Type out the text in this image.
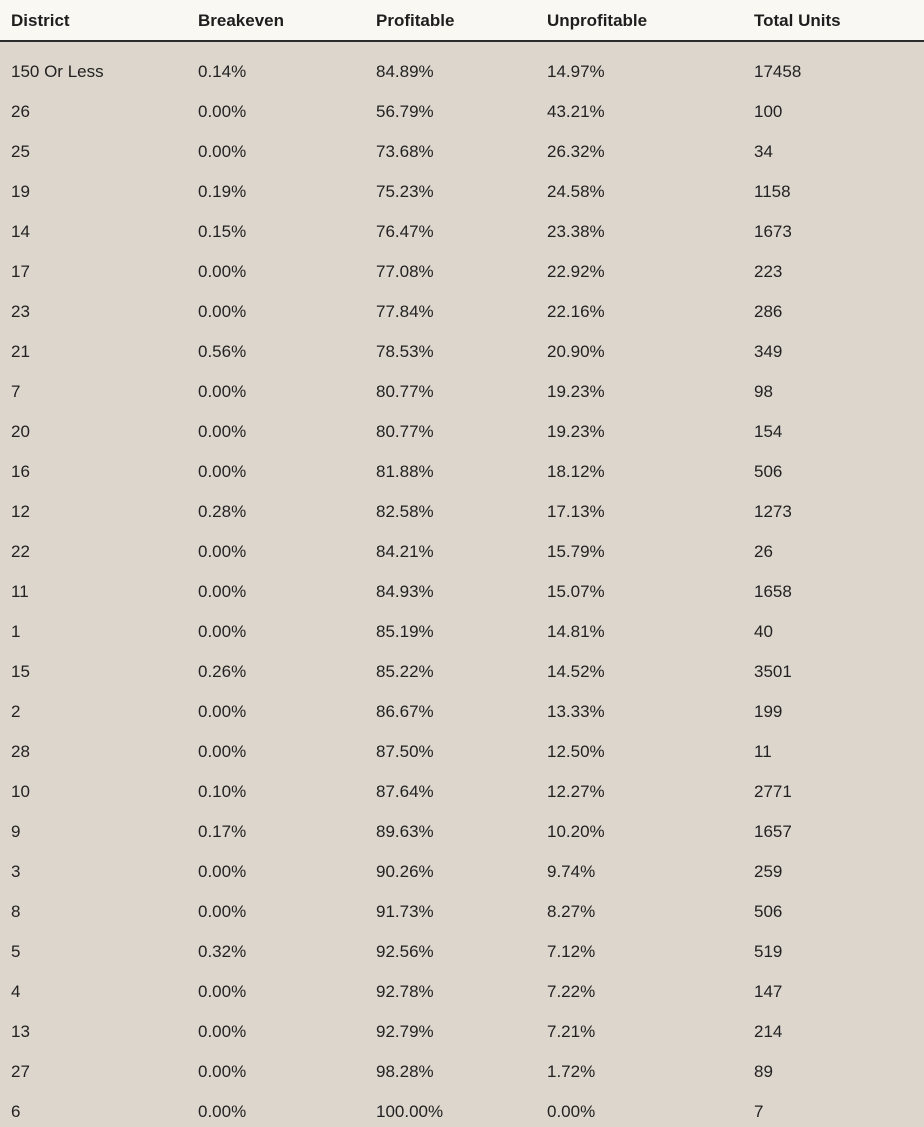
District	Breakeven	Profitable	Unprofitable	Total Units
150 Or Less	0.14%	84.89%	14.97%	17458
26	0.00%	56.79%	43.21%	100
25	0.00%	73.68%	26.32%	34
19	0.19%	75.23%	24.58%	1158
14	0.15%	76.47%	23.38%	1673
17	0.00%	77.08%	22.92%	223
23	0.00%	77.84%	22.16%	286
21	0.56%	78.53%	20.90%	349
7	0.00%	80.77%	19.23%	98
20	0.00%	80.77%	19.23%	154
16	0.00%	81.88%	18.12%	506
12	0.28%	82.58%	17.13%	1273
22	0.00%	84.21%	15.79%	26
11	0.00%	84.93%	15.07%	1658
1	0.00%	85.19%	14.81%	40
15	0.26%	85.22%	14.52%	3501
2	0.00%	86.67%	13.33%	199
28	0.00%	87.50%	12.50%	11
10	0.10%	87.64%	12.27%	2771
9	0.17%	89.63%	10.20%	1657
3	0.00%	90.26%	9.74%	259
8	0.00%	91.73%	8.27%	506
5	0.32%	92.56%	7.12%	519
4	0.00%	92.78%	7.22%	147
13	0.00%	92.79%	7.21%	214
27	0.00%	98.28%	1.72%	89
6	0.00%	100.00%	0.00%	7
